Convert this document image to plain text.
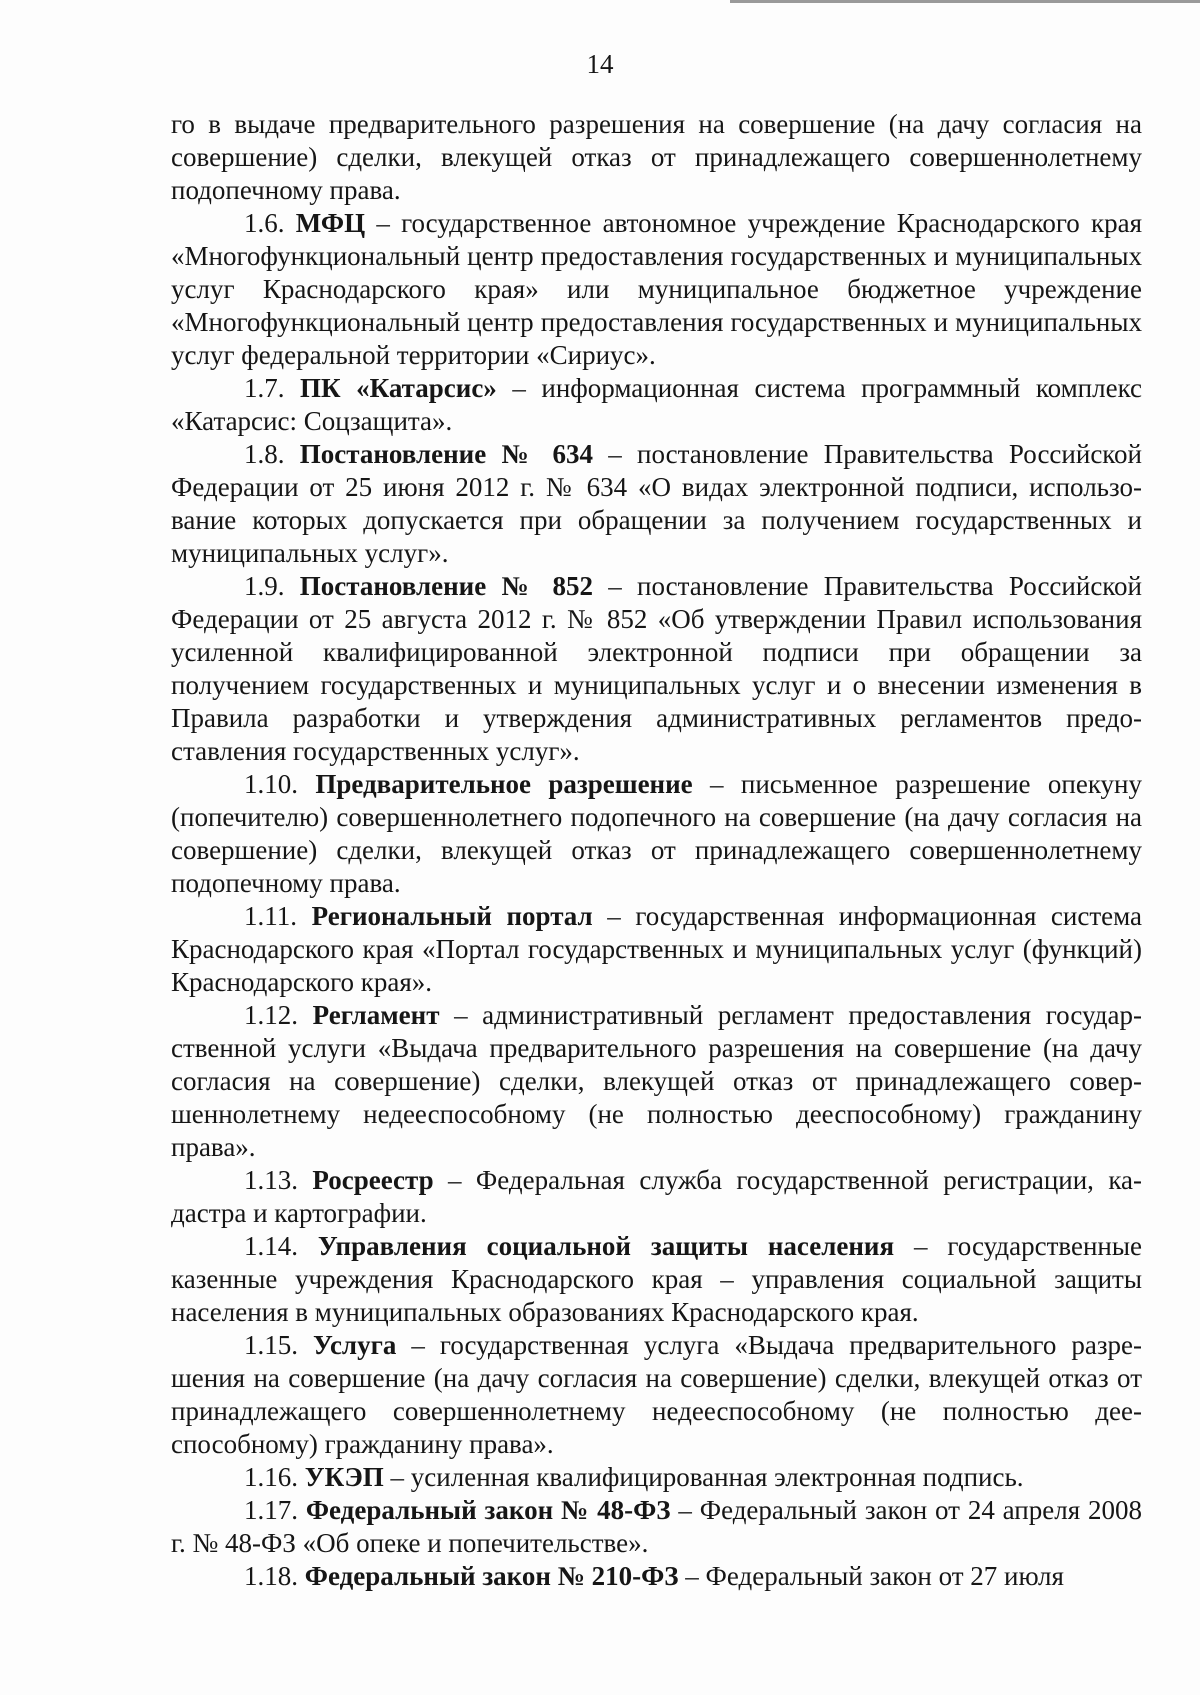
14

го в выдаче предварительного разрешения на совершение (на дачу согласия на совершение) сделки, влекущей отказ от принадлежащего совершеннолетнему подопечному права.

1.6. МФЦ – государственное автономное учреждение Краснодарского края «Многофункциональный центр предоставления государственных и муниципальных услуг Краснодарского края» или муниципальное бюджетное учреждение «Многофункциональный центр предоставления государственных и муниципальных услуг федеральной территории «Сириус».

1.7. ПК «Катарсис» – информационная система программный комплекс «Катарсис: Соцзащита».

1.8. Постановление № 634 – постановление Правительства Российской Федерации от 25 июня 2012 г. № 634 «О видах электронной подписи, использование которых допускается при обращении за получением государственных и муниципальных услуг».

1.9. Постановление № 852 – постановление Правительства Российской Федерации от 25 августа 2012 г. № 852 «Об утверждении Правил использования усиленной квалифицированной электронной подписи при обращении за получением государственных и муниципальных услуг и о внесении изменения в Правила разработки и утверждения административных регламентов предоставления государственных услуг».

1.10. Предварительное разрешение – письменное разрешение опекуну (попечителю) совершеннолетнего подопечного на совершение (на дачу согласия на совершение) сделки, влекущей отказ от принадлежащего совершеннолетнему подопечному права.

1.11. Региональный портал – государственная информационная система Краснодарского края «Портал государственных и муниципальных услуг (функций) Краснодарского края».

1.12. Регламент – административный регламент предоставления государственной услуги «Выдача предварительного разрешения на совершение (на дачу согласия на совершение) сделки, влекущей отказ от принадлежащего совершеннолетнему недееспособному (не полностью дееспособному) гражданину права».

1.13. Росреестр – Федеральная служба государственной регистрации, кадастра и картографии.

1.14. Управления социальной защиты населения – государственные казенные учреждения Краснодарского края – управления социальной защиты населения в муниципальных образованиях Краснодарского края.

1.15. Услуга – государственная услуга «Выдача предварительного разрешения на совершение (на дачу согласия на совершение) сделки, влекущей отказ от принадлежащего совершеннолетнему недееспособному (не полностью дееспособному) гражданину права».

1.16. УКЭП – усиленная квалифицированная электронная подпись.

1.17. Федеральный закон № 48-ФЗ – Федеральный закон от 24 апреля 2008 г. № 48-ФЗ «Об опеке и попечительстве».

1.18. Федеральный закон № 210-ФЗ – Федеральный закон от 27 июля
